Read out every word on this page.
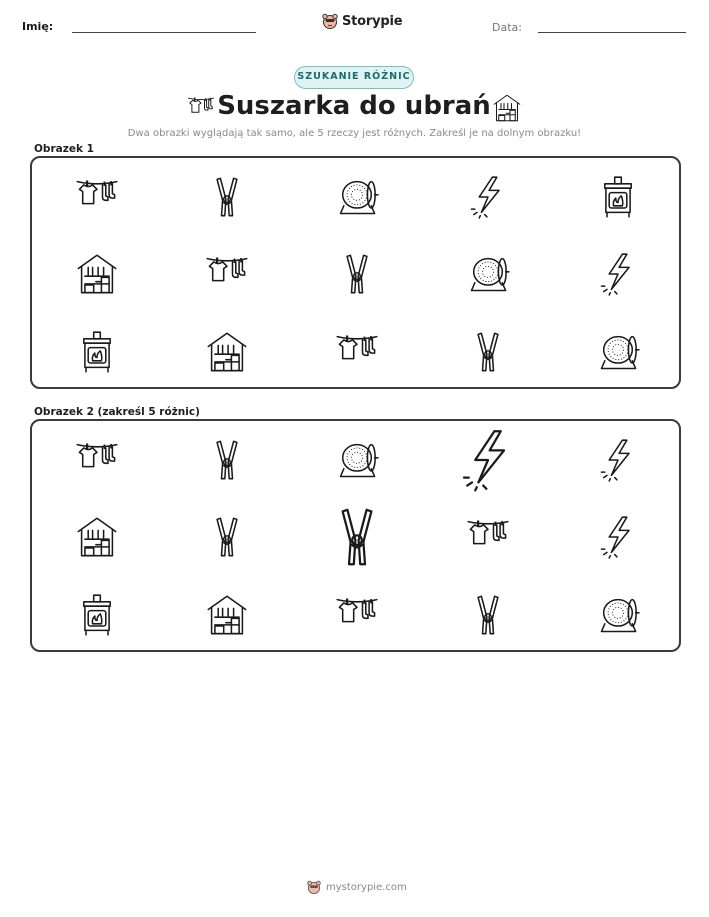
Imię:	Storypie	Data:
SZUKANIE RÓŻNIC
Suszarka do ubrań
Dwa obrazki wyglądają tak samo, ale 5 rzeczy jest różnych. Zakreśl je na dolnym obrazku!
Obrazek 1
Obrazek 2 (zakreśl 5 różnic)
mystorypie.com
